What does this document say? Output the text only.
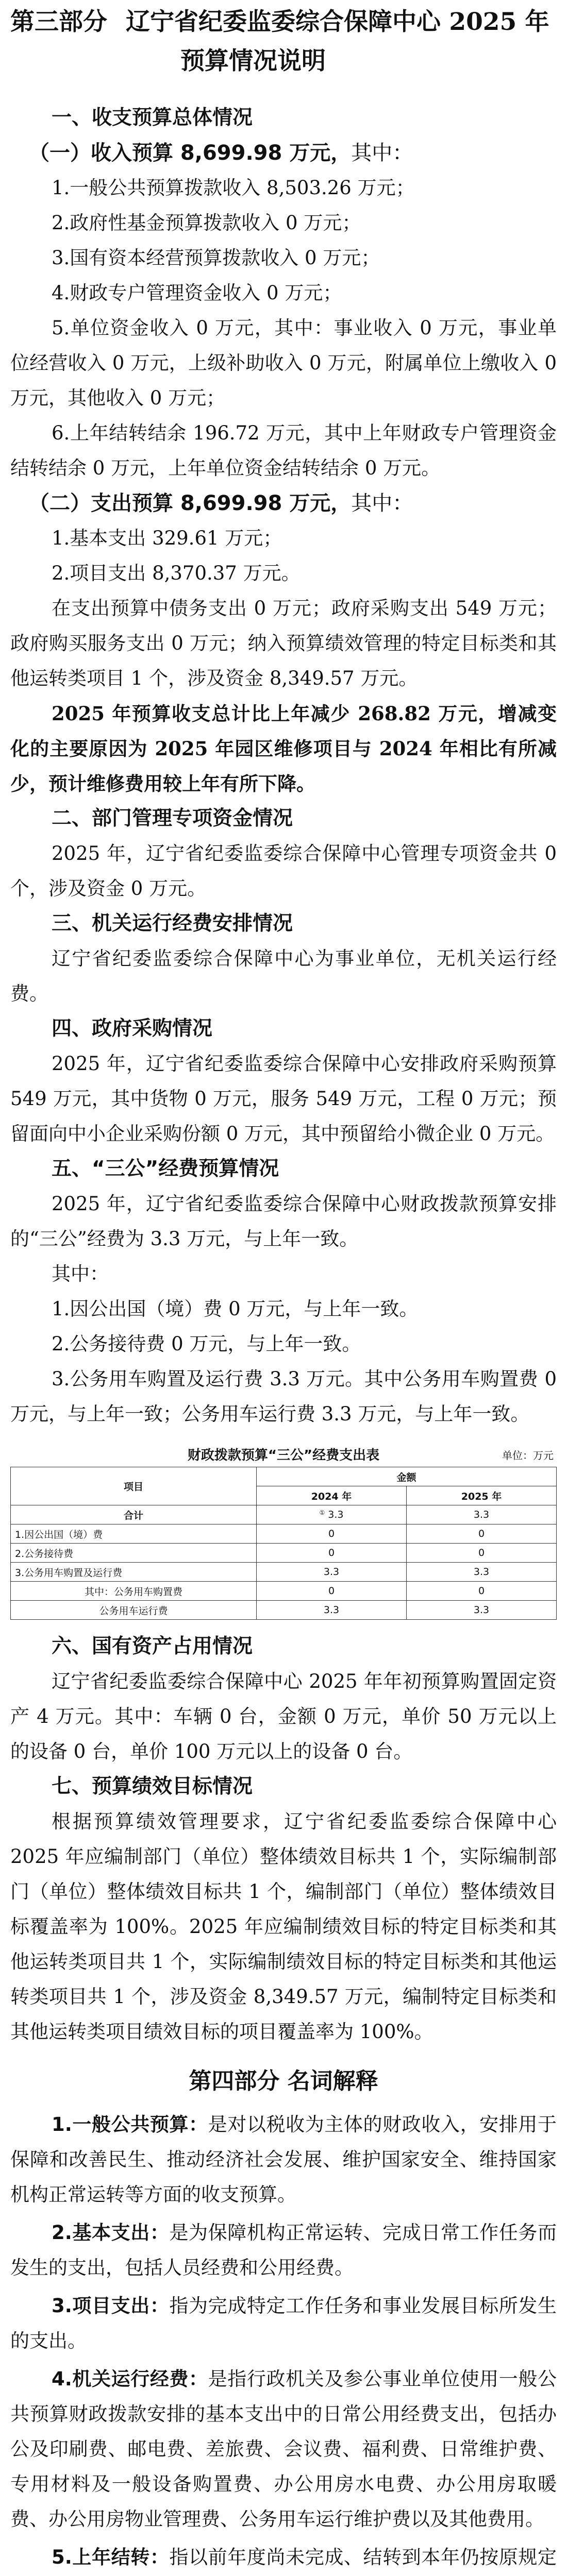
第三部分 辽宁省纪委监委综合保障中心 2025 年
预算情况说明
一、收支预算总体情况
（一）收入预算 8,699.98 万元，其中：

1.一般公共预算拨款收入 8,503.26 万元；

2.政府性基金预算拨款收入 0 万元；

3.国有资本经营预算拨款收入 0 万元；

4.财政专户管理资金收入 0 万元；

5.单位资金收入 0 万元，其中：事业收入 0 万元，事业单位经营收入 0 万元，上级补助收入 0 万元，附属单位上缴收入 0 万元，其他收入 0 万元；

6.上年结转结余 196.72 万元，其中上年财政专户管理资金结转结余 0 万元，上年单位资金结转结余 0 万元。

（二）支出预算 8,699.98 万元，其中：

1.基本支出 329.61 万元；

2.项目支出 8,370.37 万元。

在支出预算中债务支出 0 万元；政府采购支出 549 万元；政府购买服务支出 0 万元；纳入预算绩效管理的特定目标类和其他运转类项目 1 个，涉及资金 8,349.57 万元。

2025 年预算收支总计比上年减少 268.82 万元，增减变化的主要原因为 2025 年园区维修项目与 2024 年相比有所减少，预计维修费用较上年有所下降。

二、部门管理专项资金情况

2025 年，辽宁省纪委监委综合保障中心管理专项资金共 0 个，涉及资金 0 万元。

三、机关运行经费安排情况

辽宁省纪委监委综合保障中心为事业单位，无机关运行经费。

四、政府采购情况

2025 年，辽宁省纪委监委综合保障中心安排政府采购预算 549 万元，其中货物 0 万元，服务 549 万元，工程 0 万元；预留面向中小企业采购份额 0 万元，其中预留给小微企业 0 万元。

五、“三公”经费预算情况

2025 年，辽宁省纪委监委综合保障中心财政拨款预算安排的“三公”经费为 3.3 万元，与上年一致。

其中：

1.因公出国（境）费 0 万元，与上年一致。

2.公务接待费 0 万元，与上年一致。

3.公务用车购置及运行费 3.3 万元。其中公务用车购置费 0 万元，与上年一致；公务用车运行费 3.3 万元，与上年一致。

财政拨款预算“三公”经费支出表	单位：万元
项目	金额	
	2024 年	2025 年
合计	① 3.3	3.3
1.因公出国（境）费	0	0
2.公务接待费	0	0
3.公务用车购置及运行费	3.3	3.3
其中：公务用车购置费	0	0
公务用车运行费	3.3	3.3
六、国有资产占用情况

辽宁省纪委监委综合保障中心 2025 年年初预算购置固定资产 4 万元。其中：车辆 0 台，金额 0 万元，单价 50 万元以上的设备 0 台，单价 100 万元以上的设备 0 台。

七、预算绩效目标情况

根据预算绩效管理要求，辽宁省纪委监委综合保障中心 2025 年应编制部门（单位）整体绩效目标共 1 个，实际编制部门（单位）整体绩效目标共 1 个，编制部门（单位）整体绩效目标覆盖率为 100%。2025 年应编制绩效目标的特定目标类和其他运转类项目共 1 个，实际编制绩效目标的特定目标类和其他运转类项目共 1 个，涉及资金 8,349.57 万元，编制特定目标类和其他运转类项目绩效目标的项目覆盖率为 100%。

第四部分 名词解释

1.一般公共预算：是对以税收为主体的财政收入，安排用于保障和改善民生、推动经济社会发展、维护国家安全、维持国家机构正常运转等方面的收支预算。

2.基本支出：是为保障机构正常运转、完成日常工作任务而发生的支出，包括人员经费和公用经费。

3.项目支出：指为完成特定工作任务和事业发展目标所发生的支出。

4.机关运行经费：是指行政机关及参公事业单位使用一般公共预算财政拨款安排的基本支出中的日常公用经费支出，包括办公及印刷费、邮电费、差旅费、会议费、福利费、日常维护费、专用材料及一般设备购置费、办公用房水电费、办公用房取暖费、办公用房物业管理费、公务用车运行维护费以及其他费用。

5.上年结转：指以前年度尚未完成、结转到本年仍按原规定
